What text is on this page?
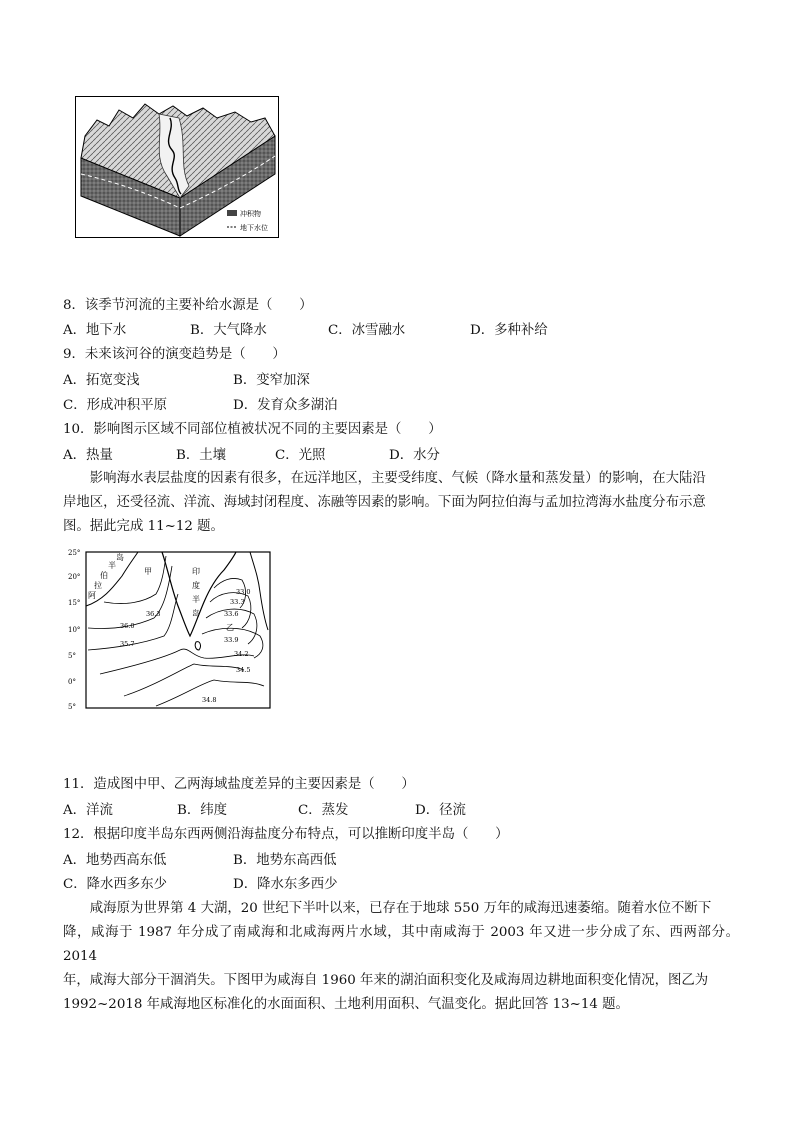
冲积物
地下水位
8．该季节河流的主要补给水源是（　　）
A．地下水	B．大气降水	C．冰雪融水	D．多种补给
9．未来该河谷的演变趋势是（　　）
A．拓宽变浅	B．变窄加深
C．形成冲积平原	D．发育众多湖泊
10．影响图示区域不同部位植被状况不同的主要因素是（　　）
A．热量	B．土壤	C．光照	D．水分

影响海水表层盐度的因素有很多，在远洋地区，主要受纬度、气候（降水量和蒸发量）的影响，在大陆沿

岸地区，还受径流、洋流、海域封闭程度、冻融等因素的影响。下面为阿拉伯海与孟加拉湾海水盐度分布示意

图。据此完成 11~12 题。

25°
20°
15°
10°
5°
0°
5°
阿
拉
伯
半
岛
印
度
半
岛
甲
乙
36.3
36.0
35.7
33.0
33.3
33.6
33.9
34.2
34.5
34.8
11．造成图中甲、乙两海域盐度差异的主要因素是（　　）
A．洋流	B．纬度	C．蒸发	D．径流
12．根据印度半岛东西两侧沿海盐度分布特点，可以推断印度半岛（　　）
A．地势西高东低	B．地势东高西低
C．降水西多东少	D．降水东多西少

咸海原为世界第 4 大湖，20 世纪下半叶以来，已存在于地球 550 万年的咸海迅速萎缩。随着水位不断下

降，咸海于 1987 年分成了南咸海和北咸海两片水域，其中南咸海于 2003 年又进一步分成了东、西两部分。2014

年，咸海大部分干涸消失。下图甲为咸海自 1960 年来的湖泊面积变化及咸海周边耕地面积变化情况，图乙为

1992~2018 年咸海地区标准化的水面面积、土地利用面积、气温变化。据此回答 13~14 题。
